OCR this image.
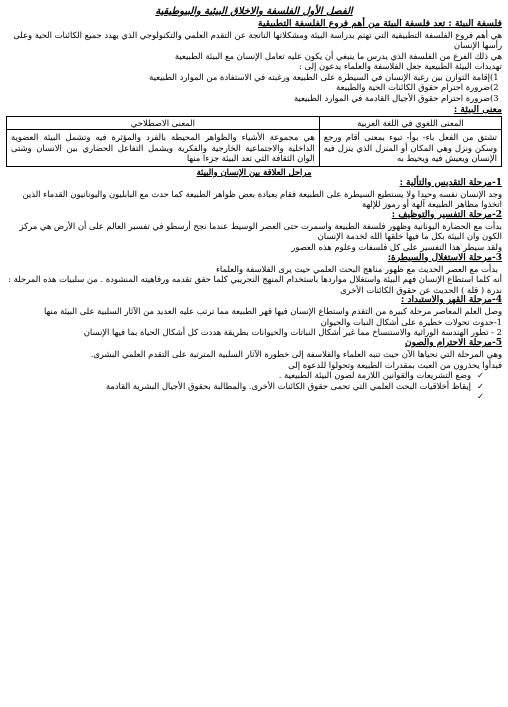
الفصل الأول الفلسفة والاخلاق البيئية والبيوطيقية
فلسفة البيئة : تعد فلسفة البيئة من أهم فروع الفلسفة التطبيقية

هي أهم فروع الفلسفة التطبيقية التي تهتم بدراسة البيئة ومشكلاتها الناتجة عن التقدم العلمي والتكنولوجي الذي يهدد جميع الكائنات الحية وعلى رأسها الإنسان

هي ذلك الفرع من الفلسفة الذي يدرس ما ينبغي أن يكون عليه تعامل الإنسان مع البيئة الطبيعية

تهديدات البيئة الطبيعية جعل الفلاسفة والعلماء يدعون إلى :

1)
إقامة التوازن بين رغبة الإنسان في السيطرة على الطبيعة ورغبته في الاستفادة من الموارد الطبيعية
2)
ضرورة احترام حقوق الكائنات الحية والطبيعة
3)
ضرورة احترام حقوق الأجيال القادمة في الموارد الطبيعية
معنى البيئة :
المعنى اللغوي في اللغة العربية	المعنى الاصطلاحي
تشتق من الفعل باء- بوأ- تبوء بمعنى أقام ورجع وسكن ونزل وهي المكان أو المنزل الذي ينزل فيه الإنسان ويعيش فيه ويحيط به	هي مجموعة الأشياء والظواهر المحيطة بالفرد والمؤثرة فيه وتشمل البيئة العضوية الداخلية والاجتماعية الخارجية والفكرية ويشمل التفاعل الحضاري بين الانسان وشتى الوان الثقافة التي تعد البيئة جزءا منها
مراحل العلاقة بين الإنسان والبيئة
1-مرحلة التقديس والتألية :

وجد الإنسان نفسه وحيدا ولا يستطيع السيطرة على الطبيعة فقام بعبادة بعض ظواهر الطبيعة كما حدث مع البابليون واليونانيون القدماء الذين اتخذوا مظاهر الطبيعة آلهة أو رموز للإلهة

2-مرحلة التفسير والتوظيف :

بدأت مع الحضارة اليونانية وظهور فلسفة الطبيعة واسمرت حتى العصر الوسيط عندما نجح أرسطو في تفسير العالم على أن الأرض هي مركز الكون وان البيئة بكل ما فيها خلقها الله لخدمة الإنسان

ولقد سيطر هذا التفسير على كل فلسفات وعلوم هذه العصور

3-مرحلة الاستغلال والسيطرة:

بدأت مع العصر الحديث مع ظهور مناهج البحث العلمي حيث يرى الفلاسفة والعلماء

أنه كلما استطاع الإنسان فهم البيئة واستغلال مواردها باستخدام المنهج التجريبي كلما حقق تقدمه ورفاهيته المنشودة . من سلبيات هذه المرحلة : ندرة ( قلة ) الحديث عن حقوق الكائنات الأخرى

4-مرحلة القهر والاستبداد :

وصل العلم المعاصر مرحلة كبيرة من التقدم واستطاع الإنسان فيها قهر الطبيعة مما ترتب عليه العديد من الآثار السلبية على البيئة منها

1-حدوث تحولات خطيرة على أشكال النبات والحيوان

2 - تطور الهندسة الوراثية والاستنساخ مما غير أشكال النباتات والحيوانات بطريقة هددت كل أشكال الحياة بما فيها الإنسان

5-مرحلة الاحترام والصون

وهي المرحلة التي نحياها الآن حيث تنبه العلماء والفلاسفة إلى خطورة الآثار السلبية المترتبة على التقدم العلمي البشرى.

فبدأوا يحذرون من العبث بمقدرات الطبيعة وتحولوا للدعوة إلى

✓
وضع التشريعات والقوانين اللازمة لصون البيئة الطبيعية .
✓
إيقاظ أخلاقيات البحث العلمي التي تحمى حقوق الكائنات الأخرى. والمطالبة بحقوق الأجيال البشرية القادمة
✓
